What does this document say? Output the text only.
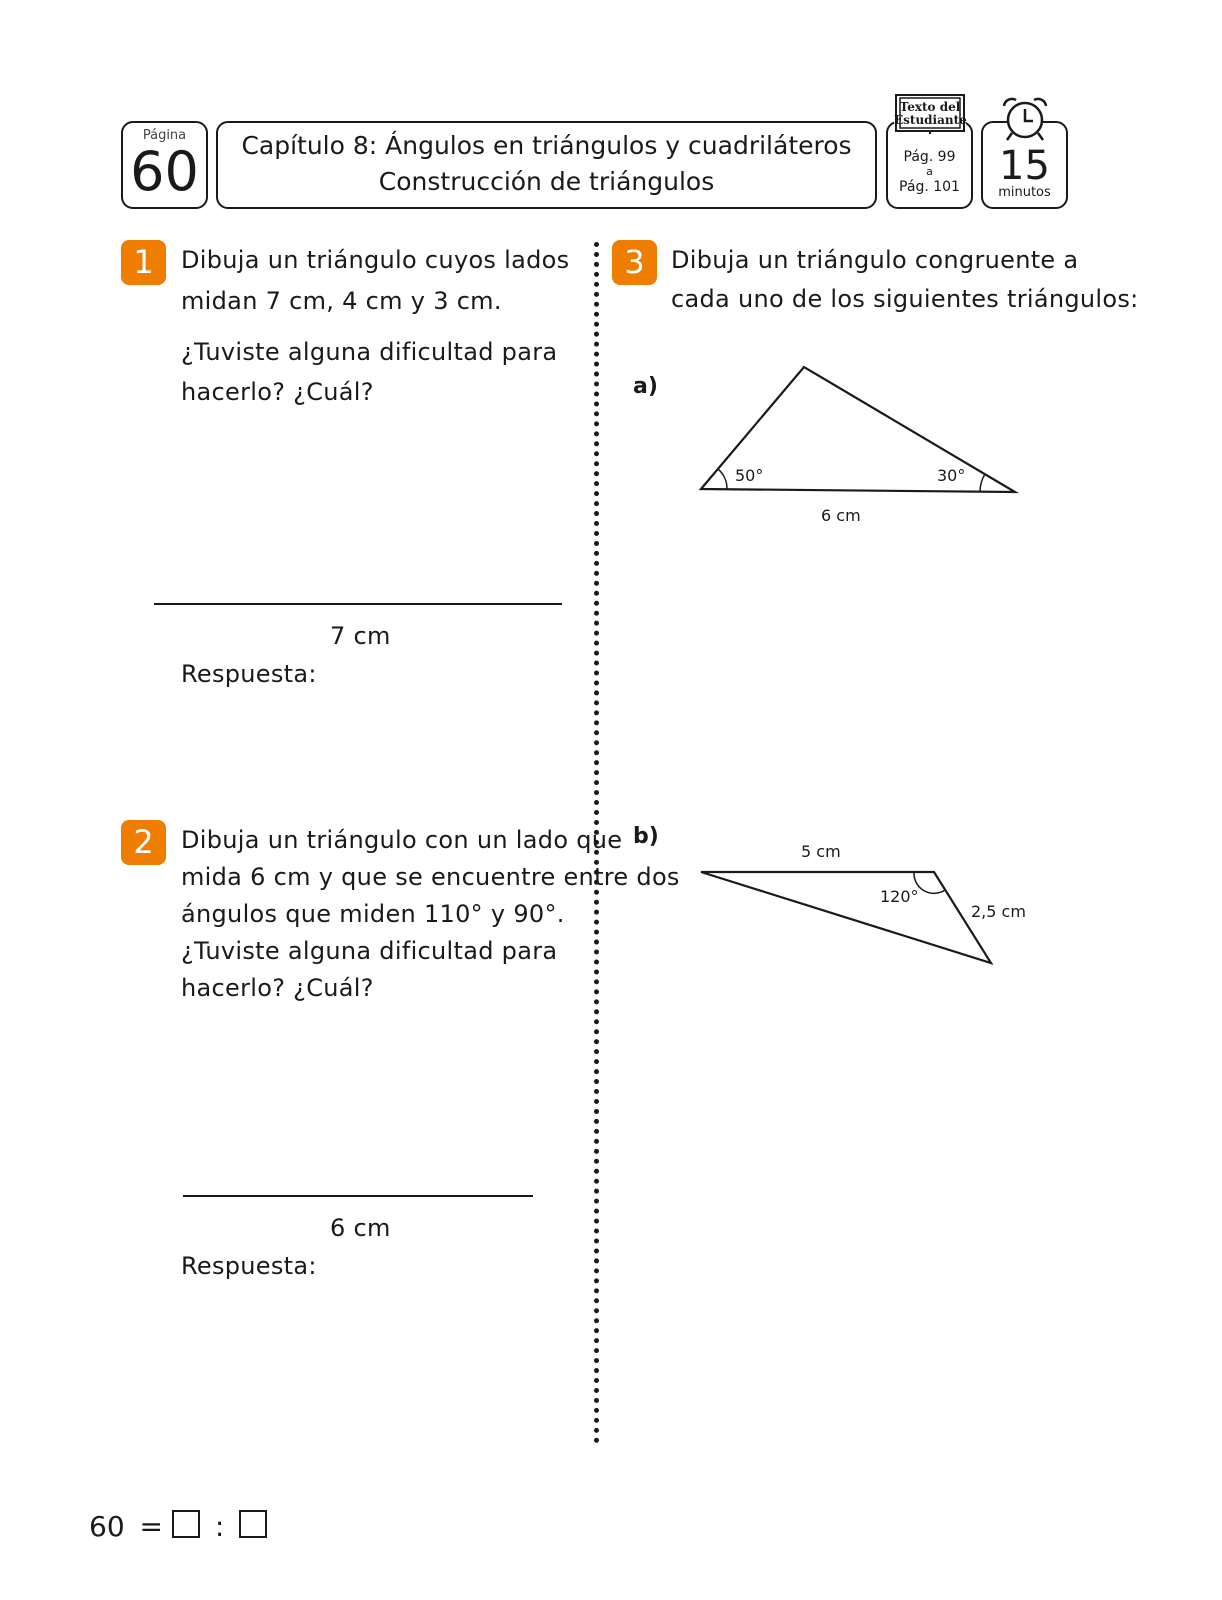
Página
60	Capítulo 8: Ángulos en triángulos y cuadriláteros
Construcción de triángulos
Pág. 99
a
Pág. 101
Texto del
Estudiante
15
minutos
1	Dibuja un triángulo cuyos lados
midan 7 cm, 4 cm y 3 cm.
¿Tuviste alguna dificultad para
hacerlo? ¿Cuál?
7 cm
Respuesta:
2	Dibuja un triángulo con un lado que
mida 6 cm y que se encuentre entre dos
ángulos que miden 110° y 90°.
¿Tuviste alguna dificultad para
hacerlo? ¿Cuál?
6 cm
Respuesta:
3	Dibuja un triángulo congruente a
cada uno de los siguientes triángulos:
a)
50°	30°
6 cm
b)
5 cm
120°
2,5 cm
60 = :
